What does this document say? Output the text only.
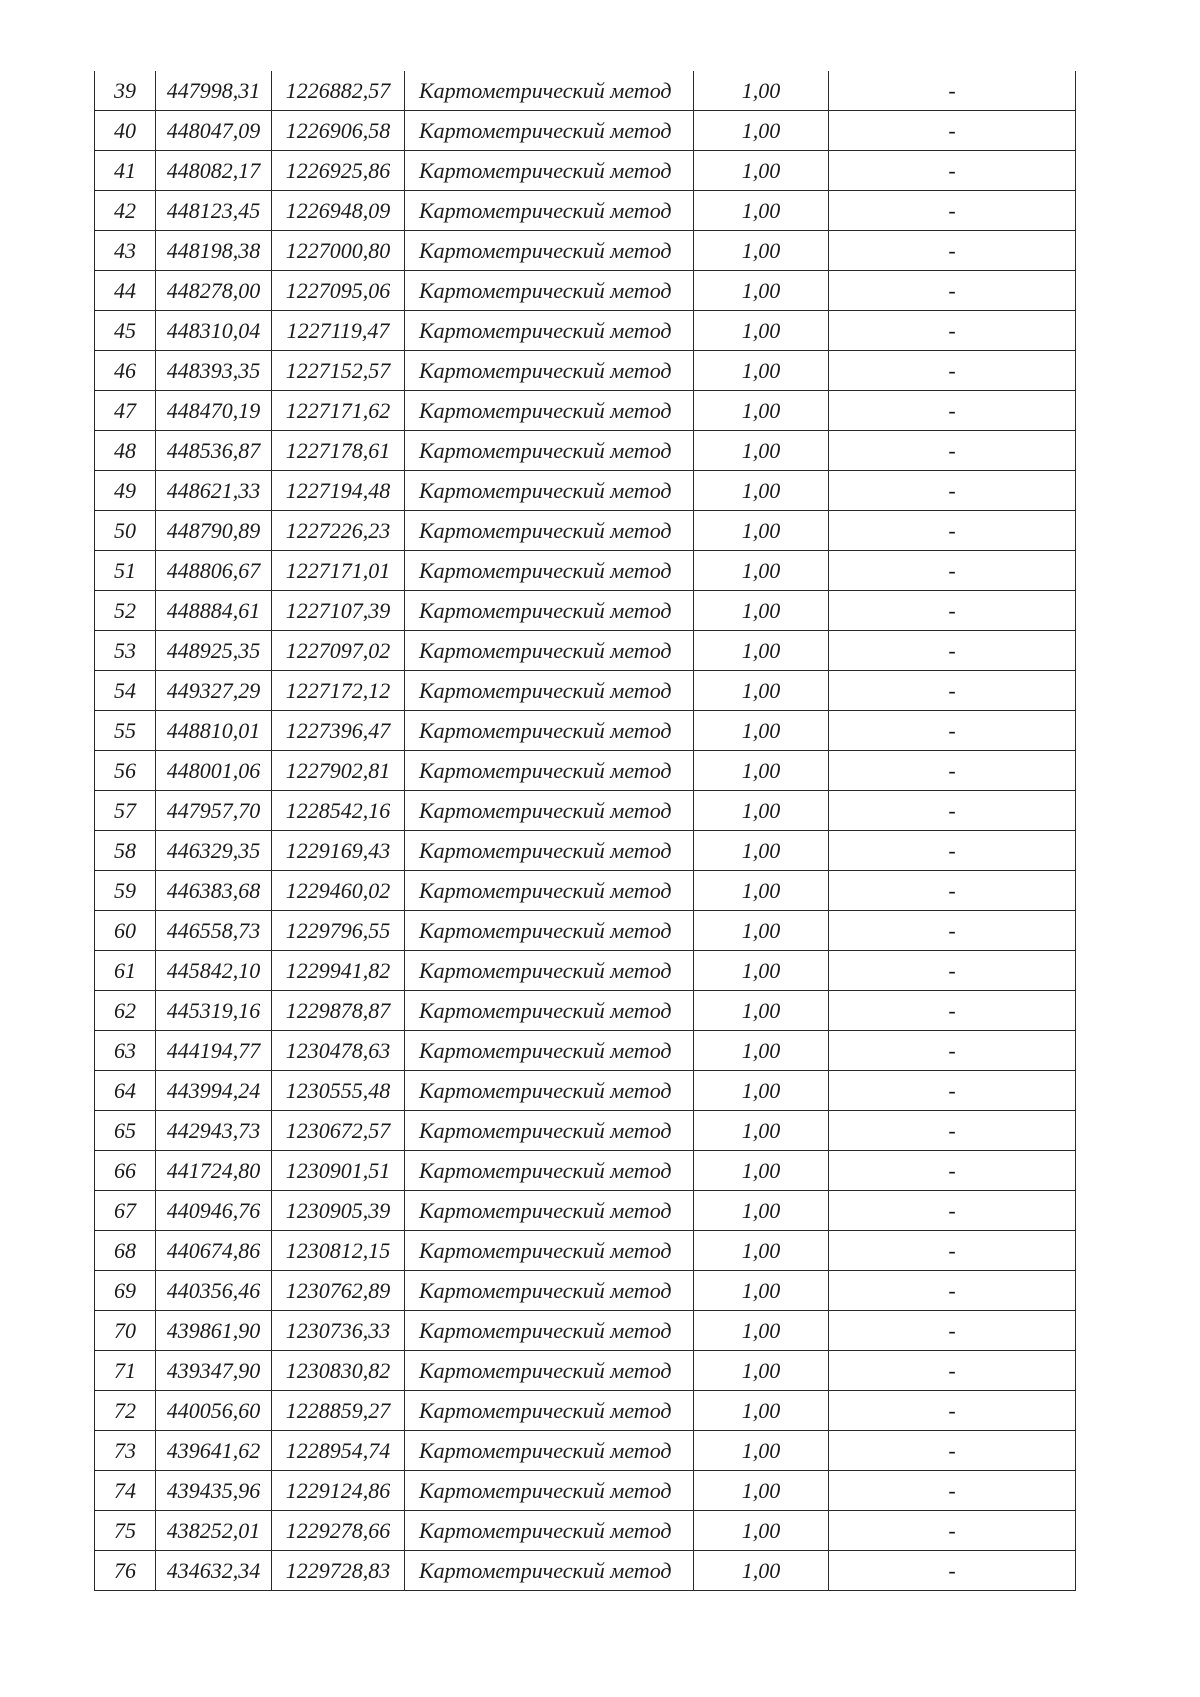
39	447998,31	1226882,57	Картометрический метод	1,00	-
40	448047,09	1226906,58	Картометрический метод	1,00	-
41	448082,17	1226925,86	Картометрический метод	1,00	-
42	448123,45	1226948,09	Картометрический метод	1,00	-
43	448198,38	1227000,80	Картометрический метод	1,00	-
44	448278,00	1227095,06	Картометрический метод	1,00	-
45	448310,04	1227119,47	Картометрический метод	1,00	-
46	448393,35	1227152,57	Картометрический метод	1,00	-
47	448470,19	1227171,62	Картометрический метод	1,00	-
48	448536,87	1227178,61	Картометрический метод	1,00	-
49	448621,33	1227194,48	Картометрический метод	1,00	-
50	448790,89	1227226,23	Картометрический метод	1,00	-
51	448806,67	1227171,01	Картометрический метод	1,00	-
52	448884,61	1227107,39	Картометрический метод	1,00	-
53	448925,35	1227097,02	Картометрический метод	1,00	-
54	449327,29	1227172,12	Картометрический метод	1,00	-
55	448810,01	1227396,47	Картометрический метод	1,00	-
56	448001,06	1227902,81	Картометрический метод	1,00	-
57	447957,70	1228542,16	Картометрический метод	1,00	-
58	446329,35	1229169,43	Картометрический метод	1,00	-
59	446383,68	1229460,02	Картометрический метод	1,00	-
60	446558,73	1229796,55	Картометрический метод	1,00	-
61	445842,10	1229941,82	Картометрический метод	1,00	-
62	445319,16	1229878,87	Картометрический метод	1,00	-
63	444194,77	1230478,63	Картометрический метод	1,00	-
64	443994,24	1230555,48	Картометрический метод	1,00	-
65	442943,73	1230672,57	Картометрический метод	1,00	-
66	441724,80	1230901,51	Картометрический метод	1,00	-
67	440946,76	1230905,39	Картометрический метод	1,00	-
68	440674,86	1230812,15	Картометрический метод	1,00	-
69	440356,46	1230762,89	Картометрический метод	1,00	-
70	439861,90	1230736,33	Картометрический метод	1,00	-
71	439347,90	1230830,82	Картометрический метод	1,00	-
72	440056,60	1228859,27	Картометрический метод	1,00	-
73	439641,62	1228954,74	Картометрический метод	1,00	-
74	439435,96	1229124,86	Картометрический метод	1,00	-
75	438252,01	1229278,66	Картометрический метод	1,00	-
76	434632,34	1229728,83	Картометрический метод	1,00	-
